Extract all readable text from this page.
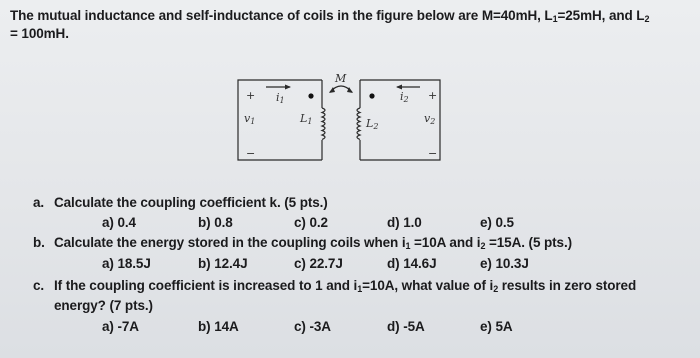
The mutual inductance and self-inductance of coils in the figure below are M=40mH, $L_1=25mH$, and $L_2$
= 100mH.
M
+
−
+
−
i1	i2
v1	v2
L1	L2
a. Calculate the coupling coefficient k. (5 pts.)
a) 0.4	b) 0.8	c) 0.2	d) 1.0	e) 0.5
b. Calculate the energy stored in the coupling coils when $i_1 =10A$ and $i_2 =15A$. (5 pts.)
a) 18.5J	b) 12.4J	c) 22.7J	d) 14.6J	e) 10.3J
c. If the coupling coefficient is increased to 1 and $i_1=10A$, what value of $i_2$ results in zero stored
energy? (7 pts.)
a) -7A	b) 14A	c) -3A	d) -5A	e) 5A
